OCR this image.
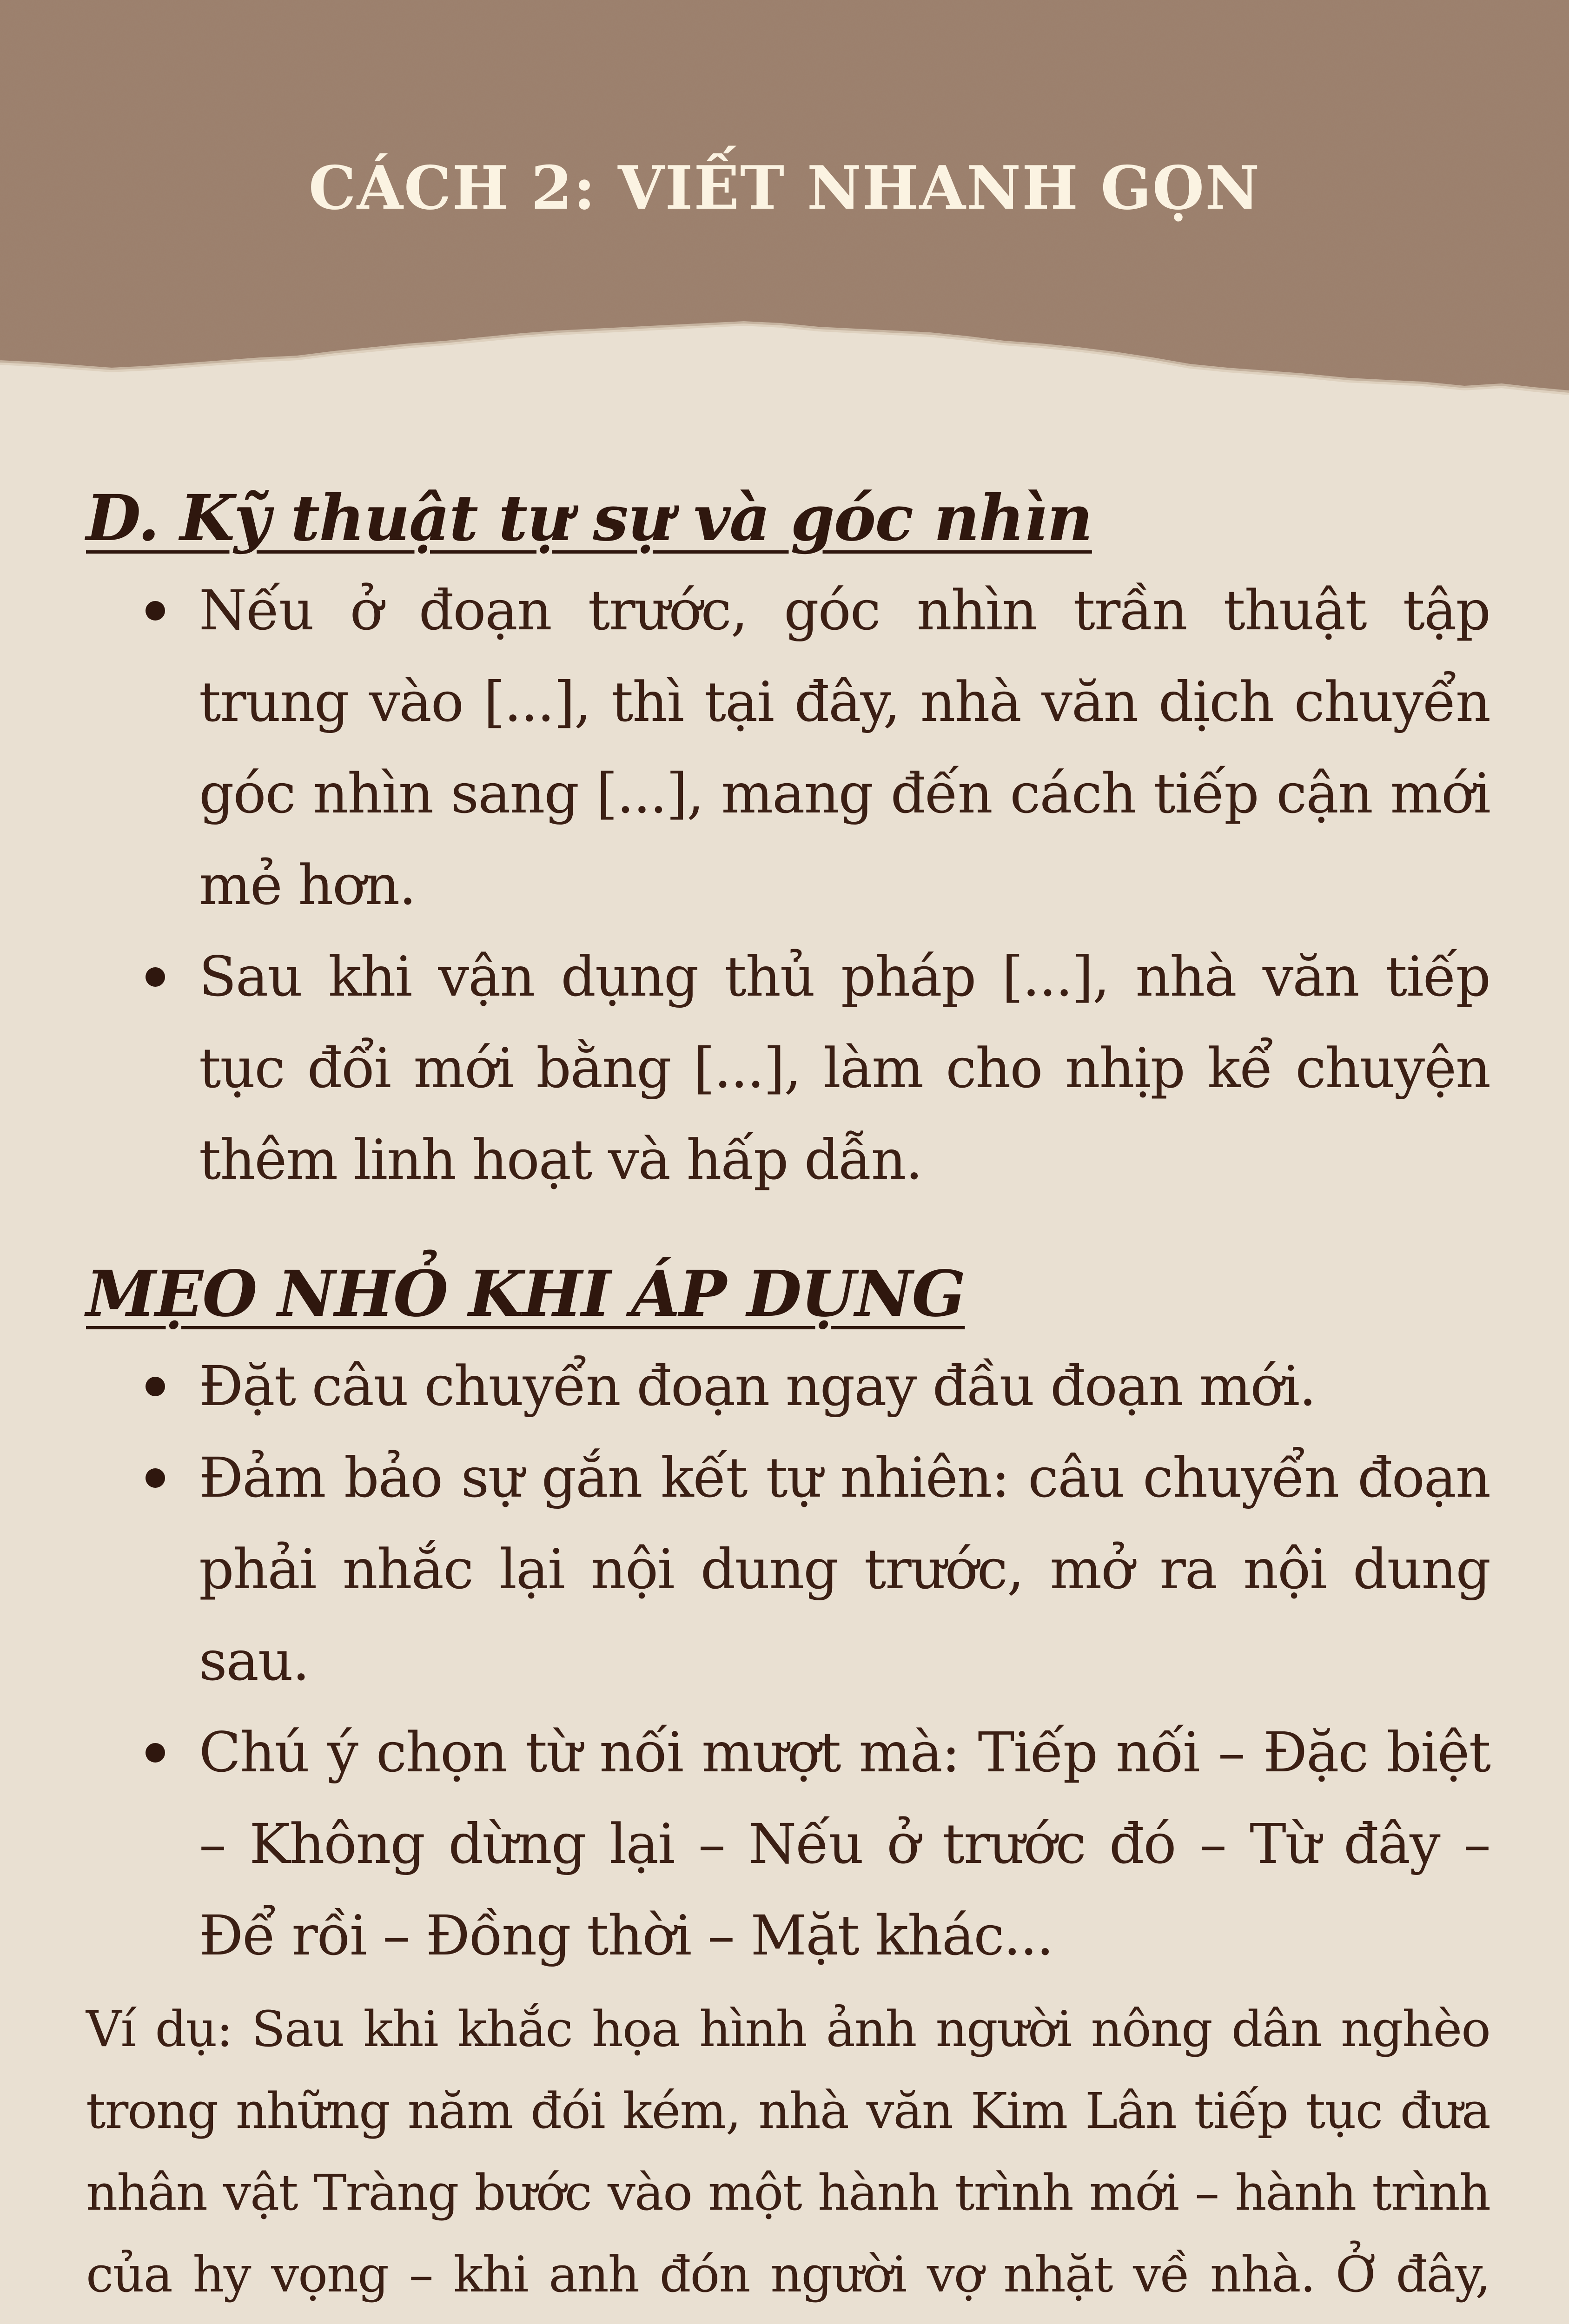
CÁCH 2: VIẾT NHANH GỌN
D. Kỹ thuật tự sự và góc nhìn
Nếu ở đoạn trước, góc nhìn trần thuật tập trung vào [...], thì tại đây, nhà văn dịch chuyển góc nhìn sang [...], mang đến cách tiếp cận mới mẻ hơn.
Sau khi vận dụng thủ pháp [...], nhà văn tiếp tục đổi mới bằng [...], làm cho nhịp kể chuyện thêm linh hoạt và hấp dẫn.
MẸO NHỎ KHI ÁP DỤNG
Đặt câu chuyển đoạn ngay đầu đoạn mới.
Đảm bảo sự gắn kết tự nhiên: câu chuyển đoạn phải nhắc lại nội dung trước, mở ra nội dung sau.
Chú ý chọn từ nối mượt mà: Tiếp nối – Đặc biệt – Không dừng lại – Nếu ở trước đó – Từ đây – Để rồi – Đồng thời – Mặt khác...

Ví dụ: Sau khi khắc họa hình ảnh người nông dân nghèo trong những năm đói kém, nhà văn Kim Lân tiếp tục đưa nhân vật Tràng bước vào một hành trình mới – hành trình của hy vọng – khi anh đón người vợ nhặt về nhà. Ở đây,
